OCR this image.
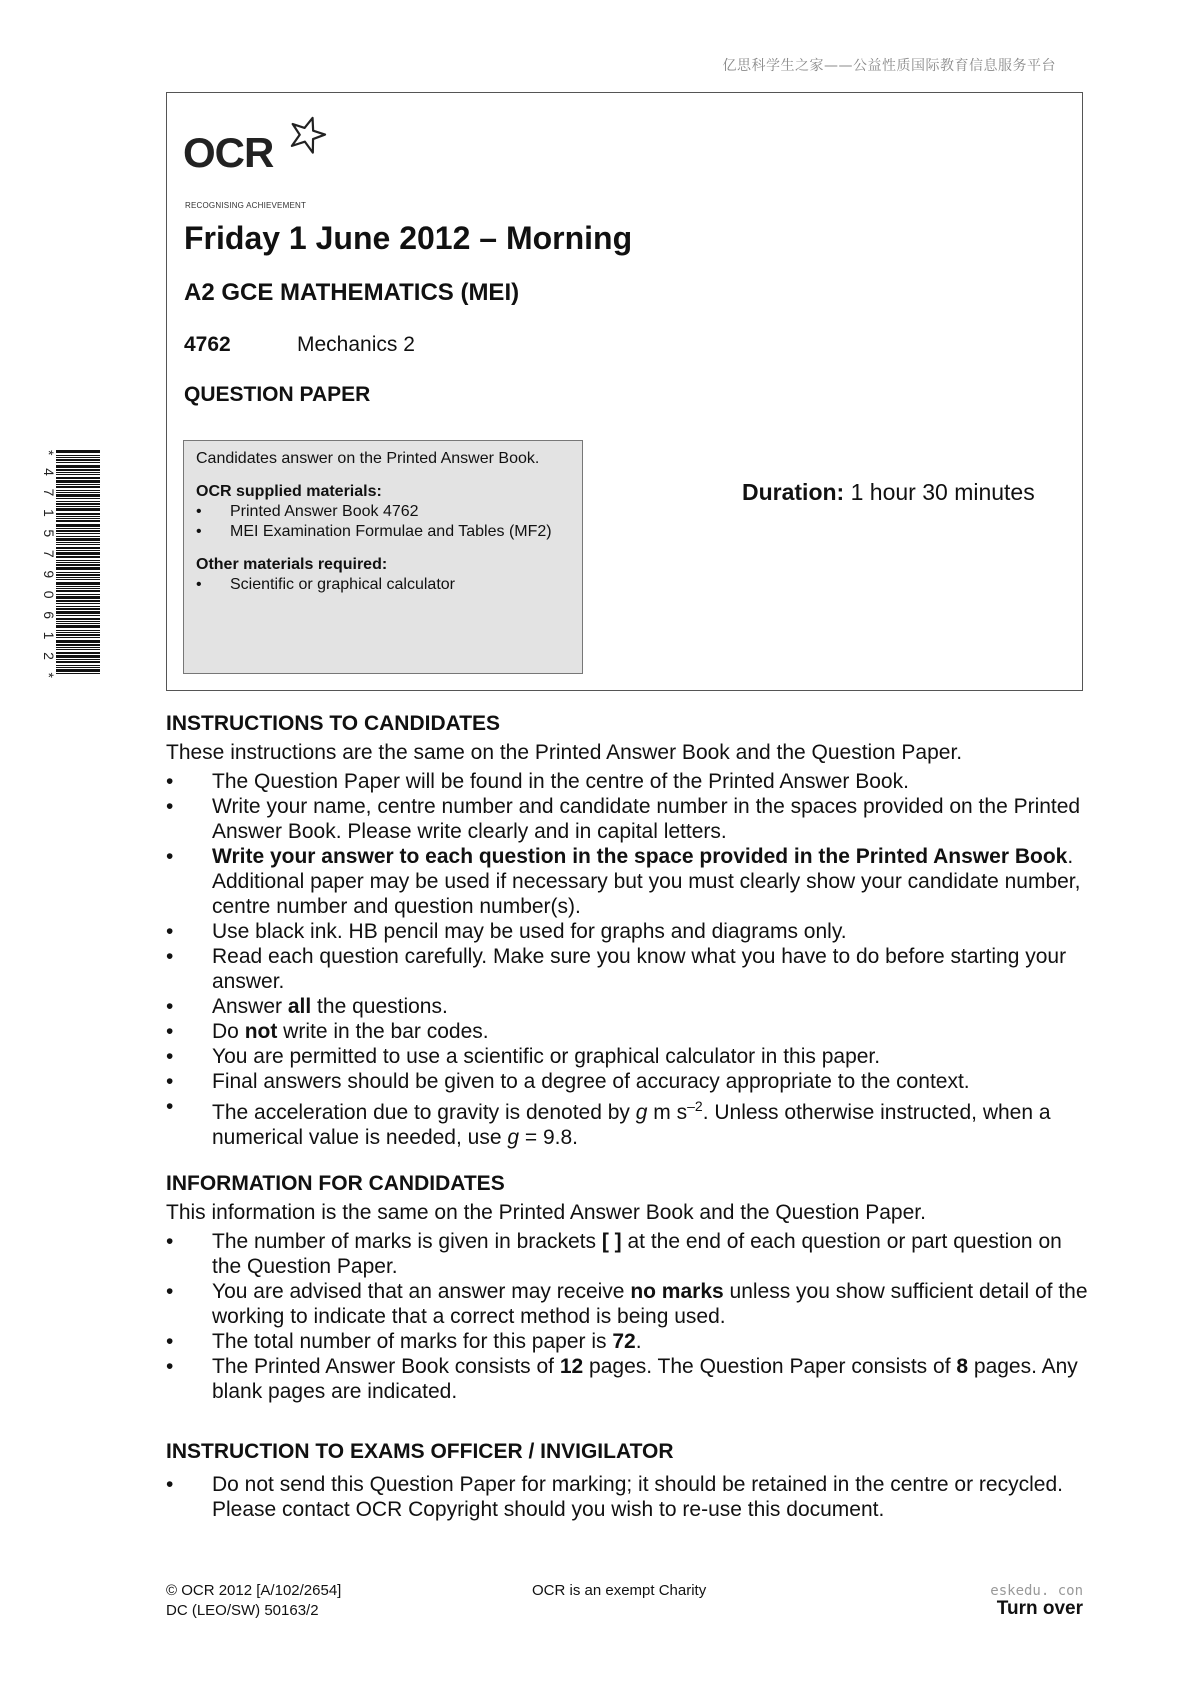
亿思科学生之家——公益性质国际教育信息服务平台
OCR
RECOGNISING ACHIEVEMENT
Friday 1 June 2012 – Morning
A2 GCE MATHEMATICS (MEI)
4762	Mechanics 2
QUESTION PAPER
Candidates answer on the Printed Answer Book.
OCR supplied materials:
• Printed Answer Book 4762
• MEI Examination Formulae and Tables (MF2)
Other materials required:
• Scientific or graphical calculator
Duration: 1 hour 30 minutes
*4715790612*
INSTRUCTIONS TO CANDIDATES
These instructions are the same on the Printed Answer Book and the Question Paper.
• The Question Paper will be found in the centre of the Printed Answer Book.
• Write your name, centre number and candidate number in the spaces provided on the Printed Answer Book. Please write clearly and in capital letters.
• Write your answer to each question in the space provided in the Printed Answer Book. Additional paper may be used if necessary but you must clearly show your candidate number, centre number and question number(s).
• Use black ink. HB pencil may be used for graphs and diagrams only.
• Read each question carefully. Make sure you know what you have to do before starting your answer.
• Answer all the questions.
• Do not write in the bar codes.
• You are permitted to use a scientific or graphical calculator in this paper.
• Final answers should be given to a degree of accuracy appropriate to the context.
• The acceleration due to gravity is denoted by g m $s^{-2}$. Unless otherwise instructed, when a numerical value is needed, use g = 9.8.
INFORMATION FOR CANDIDATES
This information is the same on the Printed Answer Book and the Question Paper.
• The number of marks is given in brackets [ ] at the end of each question or part question on the Question Paper.
• You are advised that an answer may receive no marks unless you show sufficient detail of the working to indicate that a correct method is being used.
• The total number of marks for this paper is 72.
• The Printed Answer Book consists of 12 pages. The Question Paper consists of 8 pages. Any blank pages are indicated.
INSTRUCTION TO EXAMS OFFICER / INVIGILATOR
• Do not send this Question Paper for marking; it should be retained in the centre or recycled. Please contact OCR Copyright should you wish to re-use this document.
© OCR 2012 [A/102/2654]
DC (LEO/SW) 50163/2
OCR is an exempt Charity	eskedu. con
Turn over
